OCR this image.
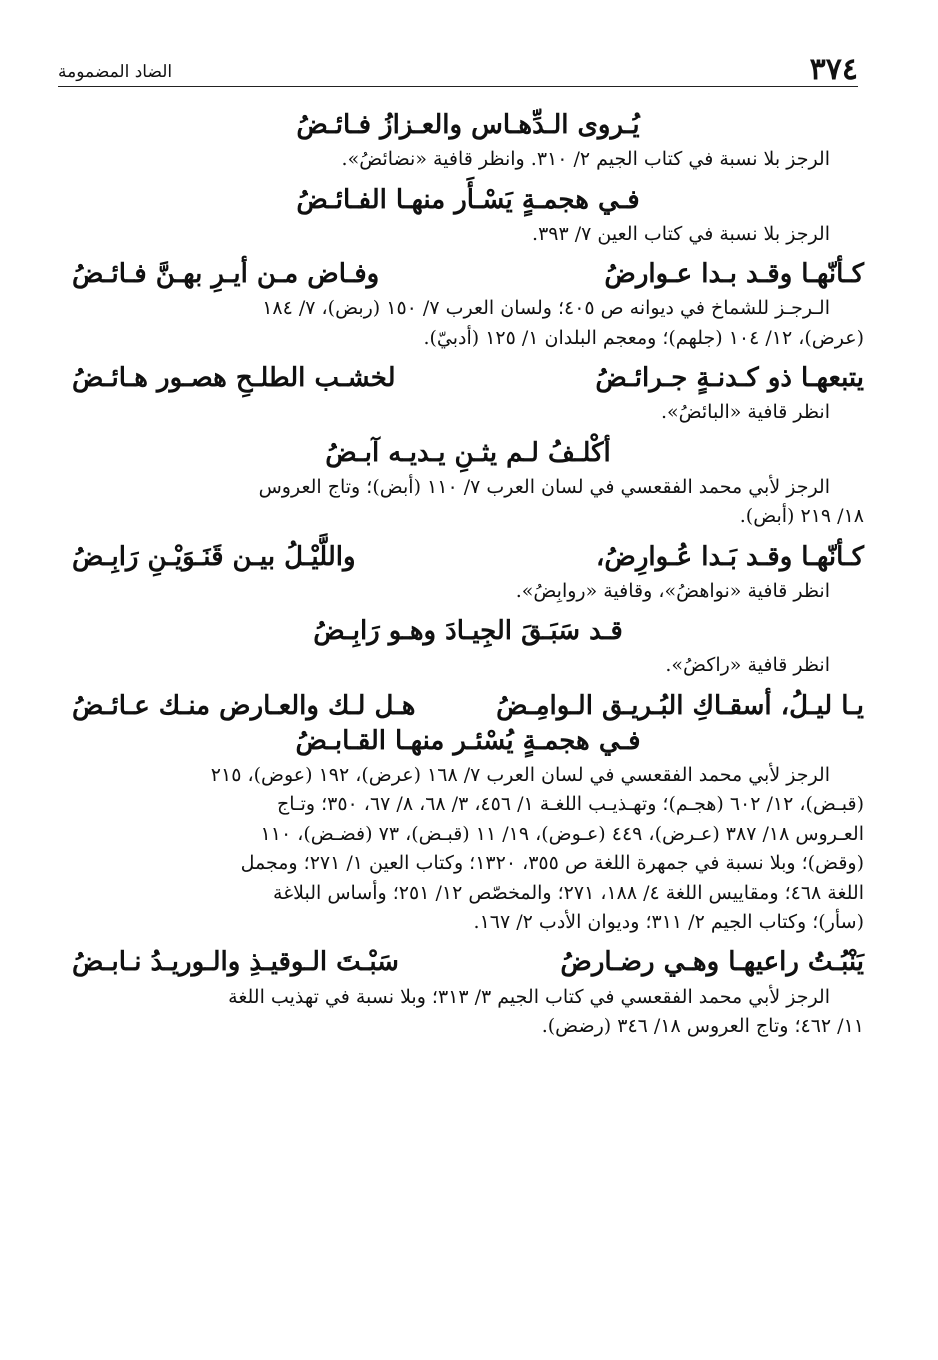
٣٧٤
الضاد المضمومة

يُـروى الـدِّهـاس والعـزازُ فـائـضُ

الرجز بلا نسبة في كتاب الجيم ٢/ ٣١٠. وانظر قافية «نضائضُ».

فـي هجمـةٍ يَسْـأَر منهـا الفـائـضُ

الرجز بلا نسبة في كتاب العين ٧/ ٣٩٣.

كـأنّهـا وقـد بـدا عـوارضُ
وفـاض مـن أيـرِ بهـنَّ فـائـضُ

الـرجـز للشماخ في ديوانه ص ٤٠٥؛ ولسان العرب ٧/ ١٥٠ (ربض)، ٧/ ١٨٤
(عرض)، ١٢/ ١٠٤ (جلهم)؛ ومعجم البلدان ١/ ١٢٥ (أدبيّ).

يتبعهـا ذو كـدنـةٍ جـرائـضُ
لخشـب الطلـحِ هصـور هـائـضُ

انظر قافية «البائضُ».

أكْلـفُ لـم يثـنِ يـديـه آبـضُ

الرجز لأبي محمد الفقعسي في لسان العرب ٧/ ١١٠ (أبض)؛ وتاج العروس
١٨/ ٢١٩ (أبض).

كـأنّهـا وقـد بَـدا عُـوارِضُ،
واللَّيْـلُ بيـن قَنَـوَيْـنِ رَابِـضُ

انظر قافية «نواهضُ»، وقافية «روابِضُ».

قـد سَبَـقَ الجِيـادَ وهـو رَابِـضُ

انظر قافية «راكضُ».

يـا ليـلُ، أسقـاكِ البُـريـق الـوامِـضُ
هـل لـك والعـارض منـك عـائـضُ

فـي هجمـةٍ يُسْئـر منهـا القـابـضُ

الرجز لأبي محمد الفقعسي في لسان العرب ٧/ ١٦٨ (عرض)، ١٩٢ (عوض)، ٢١٥
(قبـض)، ١٢/ ٦٠٢ (هجـم)؛ وتهـذيـب اللغـة ١/ ٤٥٦، ٣/ ٦٨، ٨/ ٦٧، ٣٥٠؛ وتـاج
العـروس ١٨/ ٣٨٧ (عـرض)، ٤٤٩ (عـوض)، ١٩/ ١١ (قبـض)، ٧٣ (فضـض)، ١١٠
(وقض)؛ وبلا نسبة في جمهرة اللغة ص ٣٥٥، ١٣٢٠؛ وكتاب العين ١/ ٢٧١؛ ومجمل
اللغة ٤٦٨؛ ومقاييس اللغة ٤/ ١٨٨، ٢٧١؛ والمخصّص ١٢/ ٢٥١؛ وأساس البلاغة
(سأر)؛ وكتاب الجيم ٢/ ٣١١؛ وديوان الأدب ٢/ ١٦٧.

يَنْبُـتُ راعيهـا وهـي رضـارضُ
سَبْـتَ الـوقيـذِ والـوريـدُ نـابـضُ

الرجز لأبي محمد الفقعسي في كتاب الجيم ٣/ ٣١٣؛ وبلا نسبة في تهذيب اللغة
١١/ ٤٦٢؛ وتاج العروس ١٨/ ٣٤٦ (رضض).
